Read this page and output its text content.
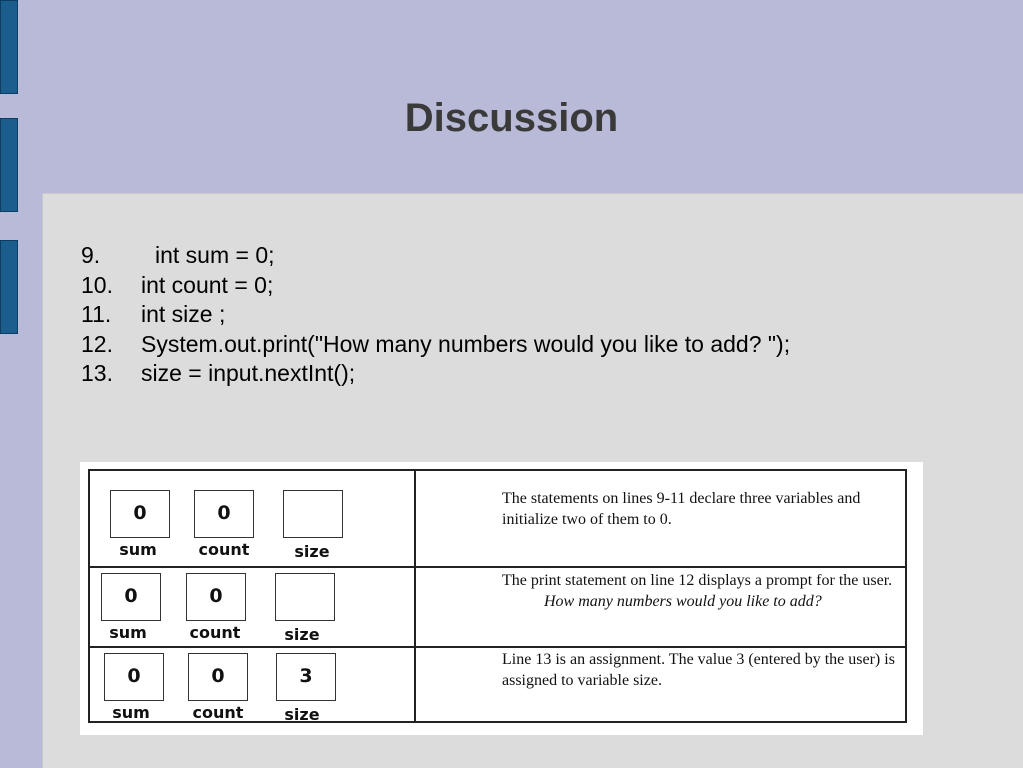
Discussion
9. int sum = 0;
10. int count = 0;
11. int size ;
12. System.out.print("How many numbers would you like to add? ");
13. size = input.nextInt();
0
sum
0
count	size
The statements on lines 9-11 declare three variables and initialize two of them to 0.
0
sum
0
count	size
The print statement on line 12 displays a prompt for the user.
How many numbers would you like to add?
0
sum
0
count
3
size
Line 13 is an assignment. The value 3 (entered by the user) is assigned to variable size.
